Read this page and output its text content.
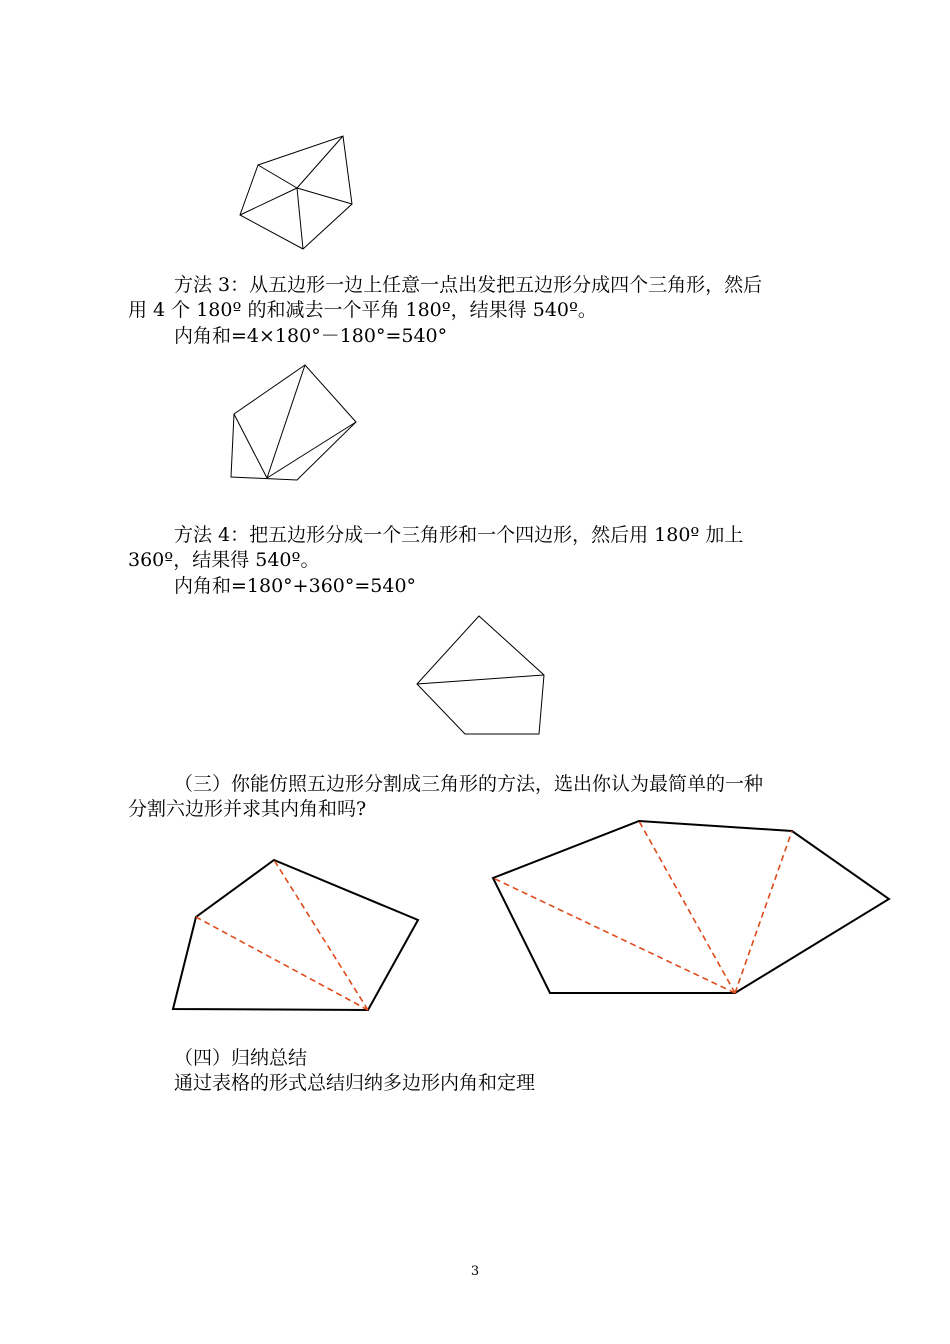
方法 3：从五边形一边上任意一点出发把五边形分成四个三角形，然后
用 4 个 180º 的和减去一个平角 180º，结果得 540º。
内角和=4×180°－180°=540°
方法 4：把五边形分成一个三角形和一个四边形，然后用 180º 加上
360º，结果得 540º。
内角和=180°+360°=540°
（三）你能仿照五边形分割成三角形的方法，选出你认为最简单的一种
分割六边形并求其内角和吗?
（四）归纳总结
通过表格的形式总结归纳多边形内角和定理
3
